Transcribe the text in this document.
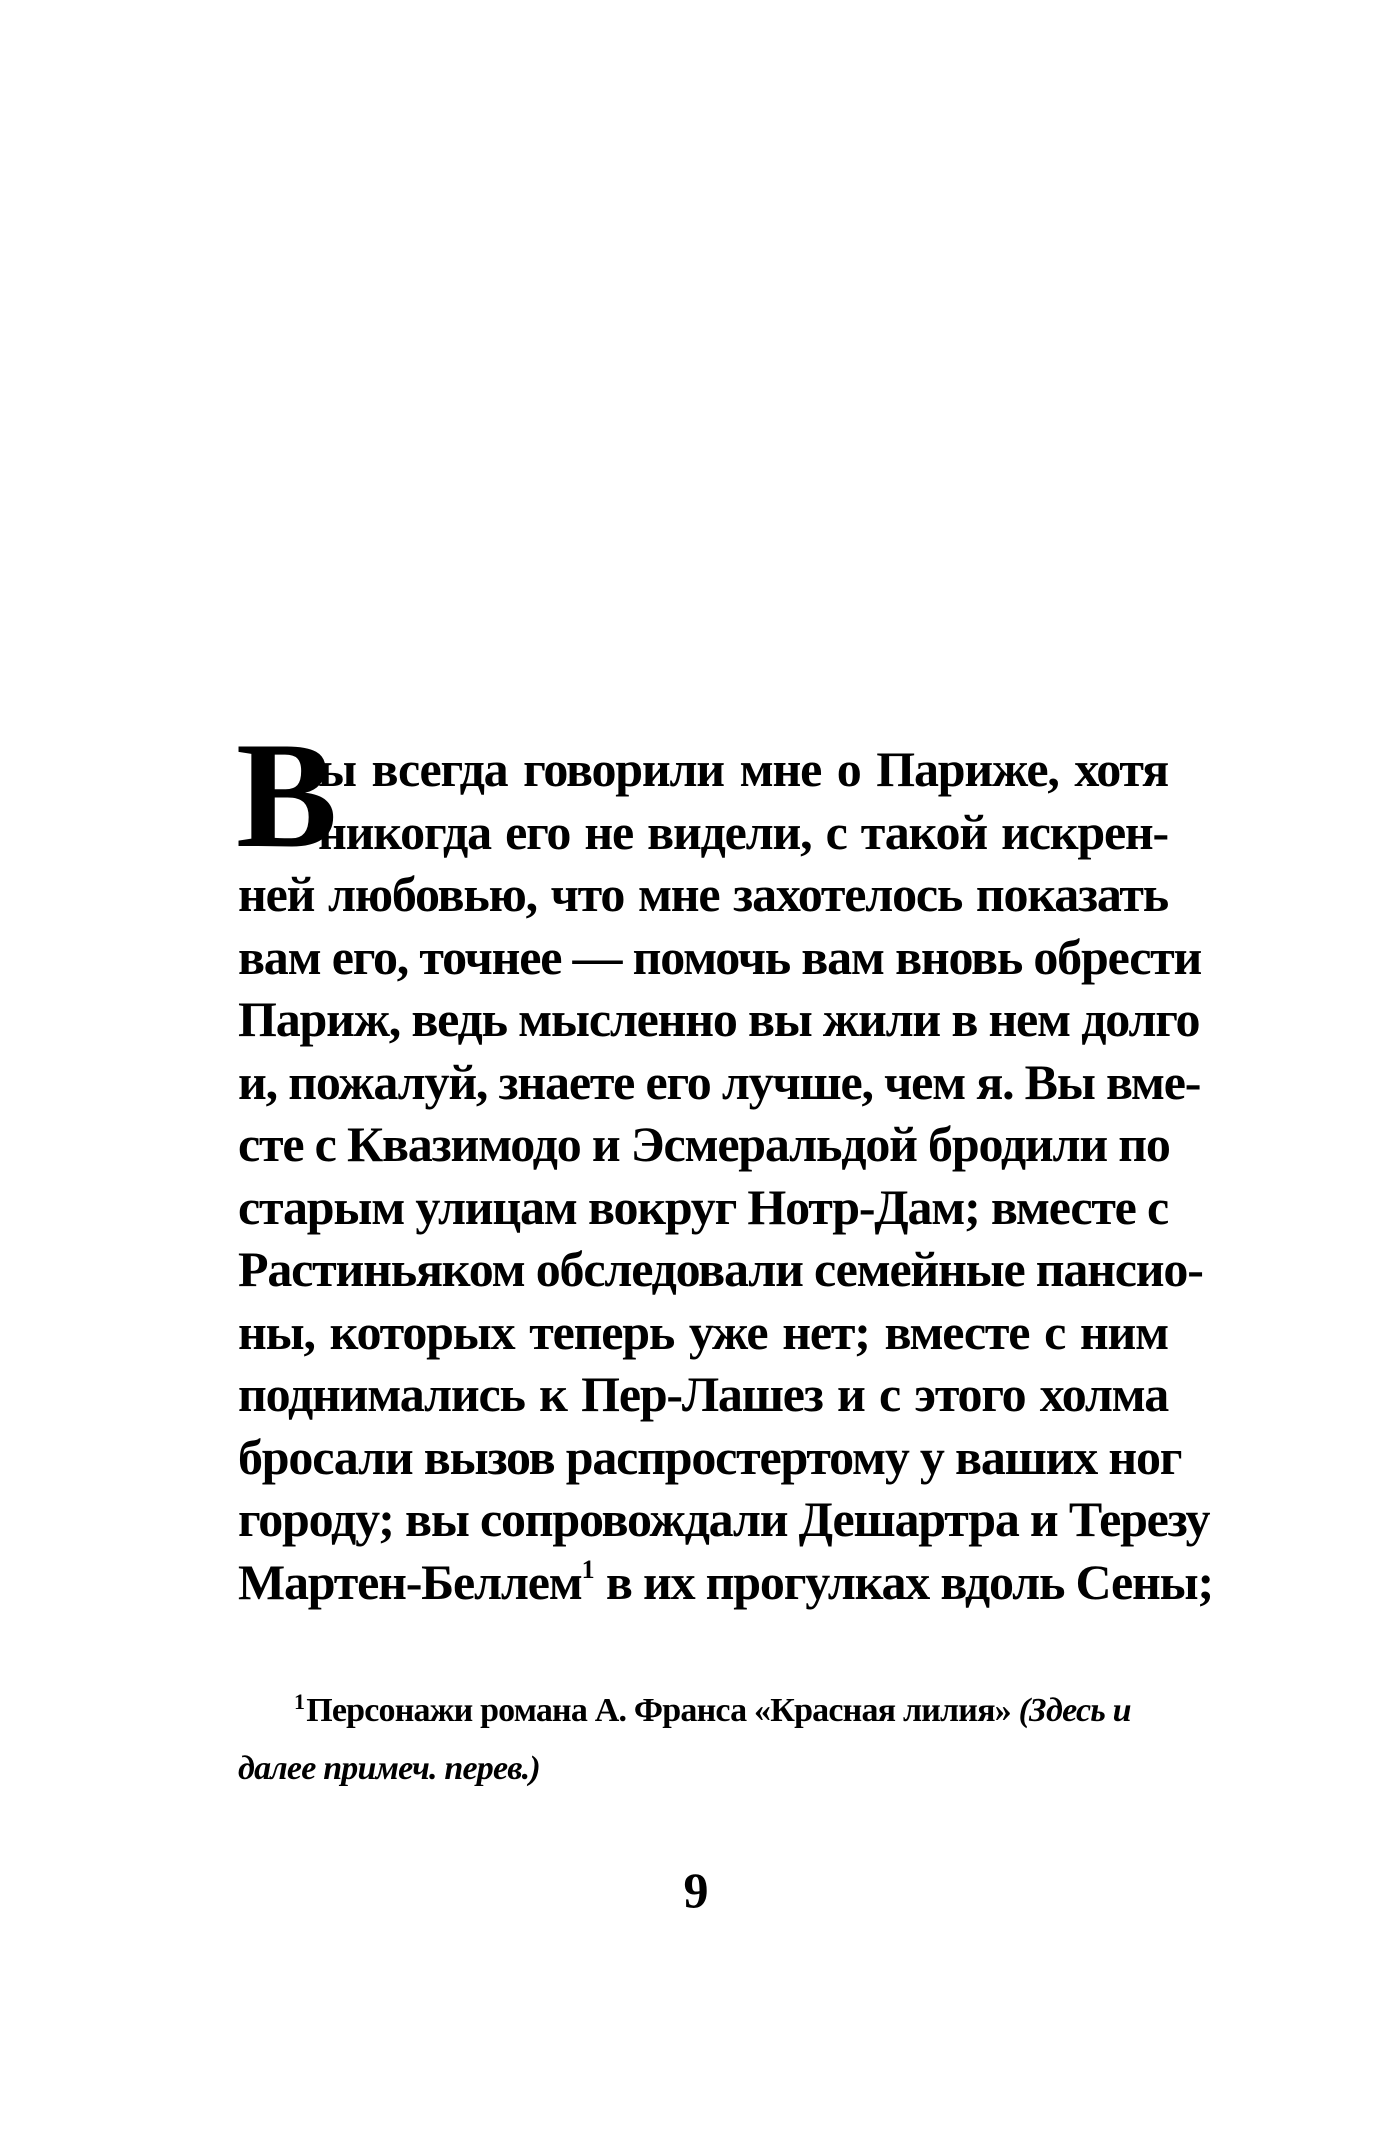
В
ы всегда говорили мне о Париже, хотя
никогда его не видели, с такой искрен-
ней любовью, что мне захотелось показать
вам его, точнее — помочь вам вновь обрести
Париж, ведь мысленно вы жили в нем долго
и, пожалуй, знаете его лучше, чем я. Вы вме-
сте с Квазимодо и Эсмеральдой бродили по
старым улицам вокруг Нотр-Дам; вместе с
Растиньяком обследовали семейные пансио-
ны, которых теперь уже нет; вместе с ним
поднимались к Пер-Лашез и с этого холма
бросали вызов распростертому у ваших ног
городу; вы сопровождали Дешартра и Терезу
Мартен-Беллем$^1$ в их прогулках вдоль Сены;
$^1$Персонажи романа А. Франса «Красная лилия» (Здесь и
далее примеч. перев.)
9
